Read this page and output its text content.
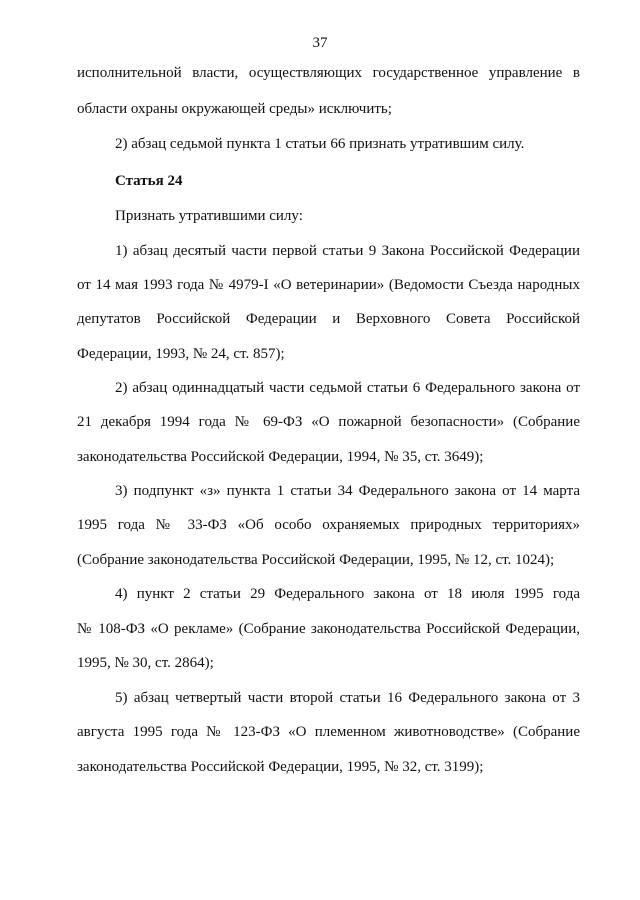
37
исполнительной власти, осуществляющих государственное управление в
области охраны окружающей среды» исключить;
2) абзац седьмой пункта 1 статьи 66 признать утратившим силу.
Статья 24
Признать утратившими силу:
1) абзац десятый части первой статьи 9 Закона Российской Федерации
от 14 мая 1993 года № 4979-I «О ветеринарии» (Ведомости Съезда народных
депутатов Российской Федерации и Верховного Совета Российской
Федерации, 1993, № 24, ст. 857);
2) абзац одиннадцатый части седьмой статьи 6 Федерального закона от
21 декабря 1994 года № 69-ФЗ «О пожарной безопасности» (Собрание
законодательства Российской Федерации, 1994, № 35, ст. 3649);
3) подпункт «з» пункта 1 статьи 34 Федерального закона от 14 марта
1995 года № 33-ФЗ «Об особо охраняемых природных территориях»
(Собрание законодательства Российской Федерации, 1995, № 12, ст. 1024);
4) пункт 2 статьи 29 Федерального закона от 18 июля 1995 года
№ 108-ФЗ «О рекламе» (Собрание законодательства Российской Федерации,
1995, № 30, ст. 2864);
5) абзац четвертый части второй статьи 16 Федерального закона от 3
августа 1995 года № 123-ФЗ «О племенном животноводстве» (Собрание
законодательства Российской Федерации, 1995, № 32, ст. 3199);
